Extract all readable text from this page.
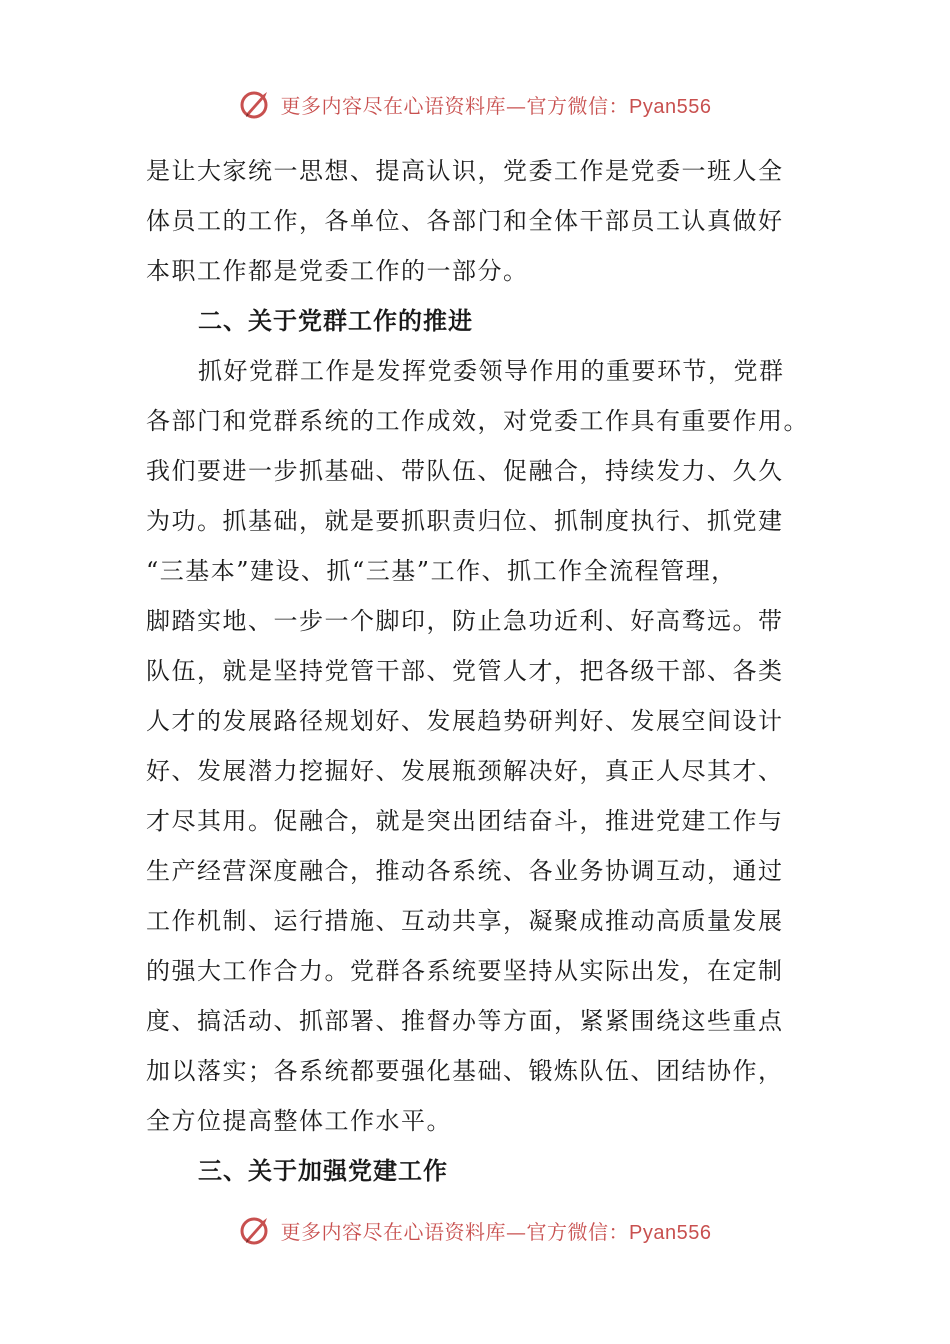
更多内容尽在心语资料库—官方微信：Pyan556
是让大家统一思想、提高认识，党委工作是党委一班人全
体员工的工作，各单位、各部门和全体干部员工认真做好
本职工作都是党委工作的一部分。
二、关于党群工作的推进
抓好党群工作是发挥党委领导作用的重要环节，党群
各部门和党群系统的工作成效，对党委工作具有重要作用。
我们要进一步抓基础、带队伍、促融合，持续发力、久久
为功。抓基础，就是要抓职责归位、抓制度执行、抓党建
“三基本”建设、抓“三基”工作、抓工作全流程管理，
脚踏实地、一步一个脚印，防止急功近利、好高骛远。带
队伍，就是坚持党管干部、党管人才，把各级干部、各类
人才的发展路径规划好、发展趋势研判好、发展空间设计
好、发展潜力挖掘好、发展瓶颈解决好，真正人尽其才、
才尽其用。促融合，就是突出团结奋斗，推进党建工作与
生产经营深度融合，推动各系统、各业务协调互动，通过
工作机制、运行措施、互动共享，凝聚成推动高质量发展
的强大工作合力。党群各系统要坚持从实际出发，在定制
度、搞活动、抓部署、推督办等方面，紧紧围绕这些重点
加以落实；各系统都要强化基础、锻炼队伍、团结协作，
全方位提高整体工作水平。
三、关于加强党建工作
更多内容尽在心语资料库—官方微信：Pyan556
